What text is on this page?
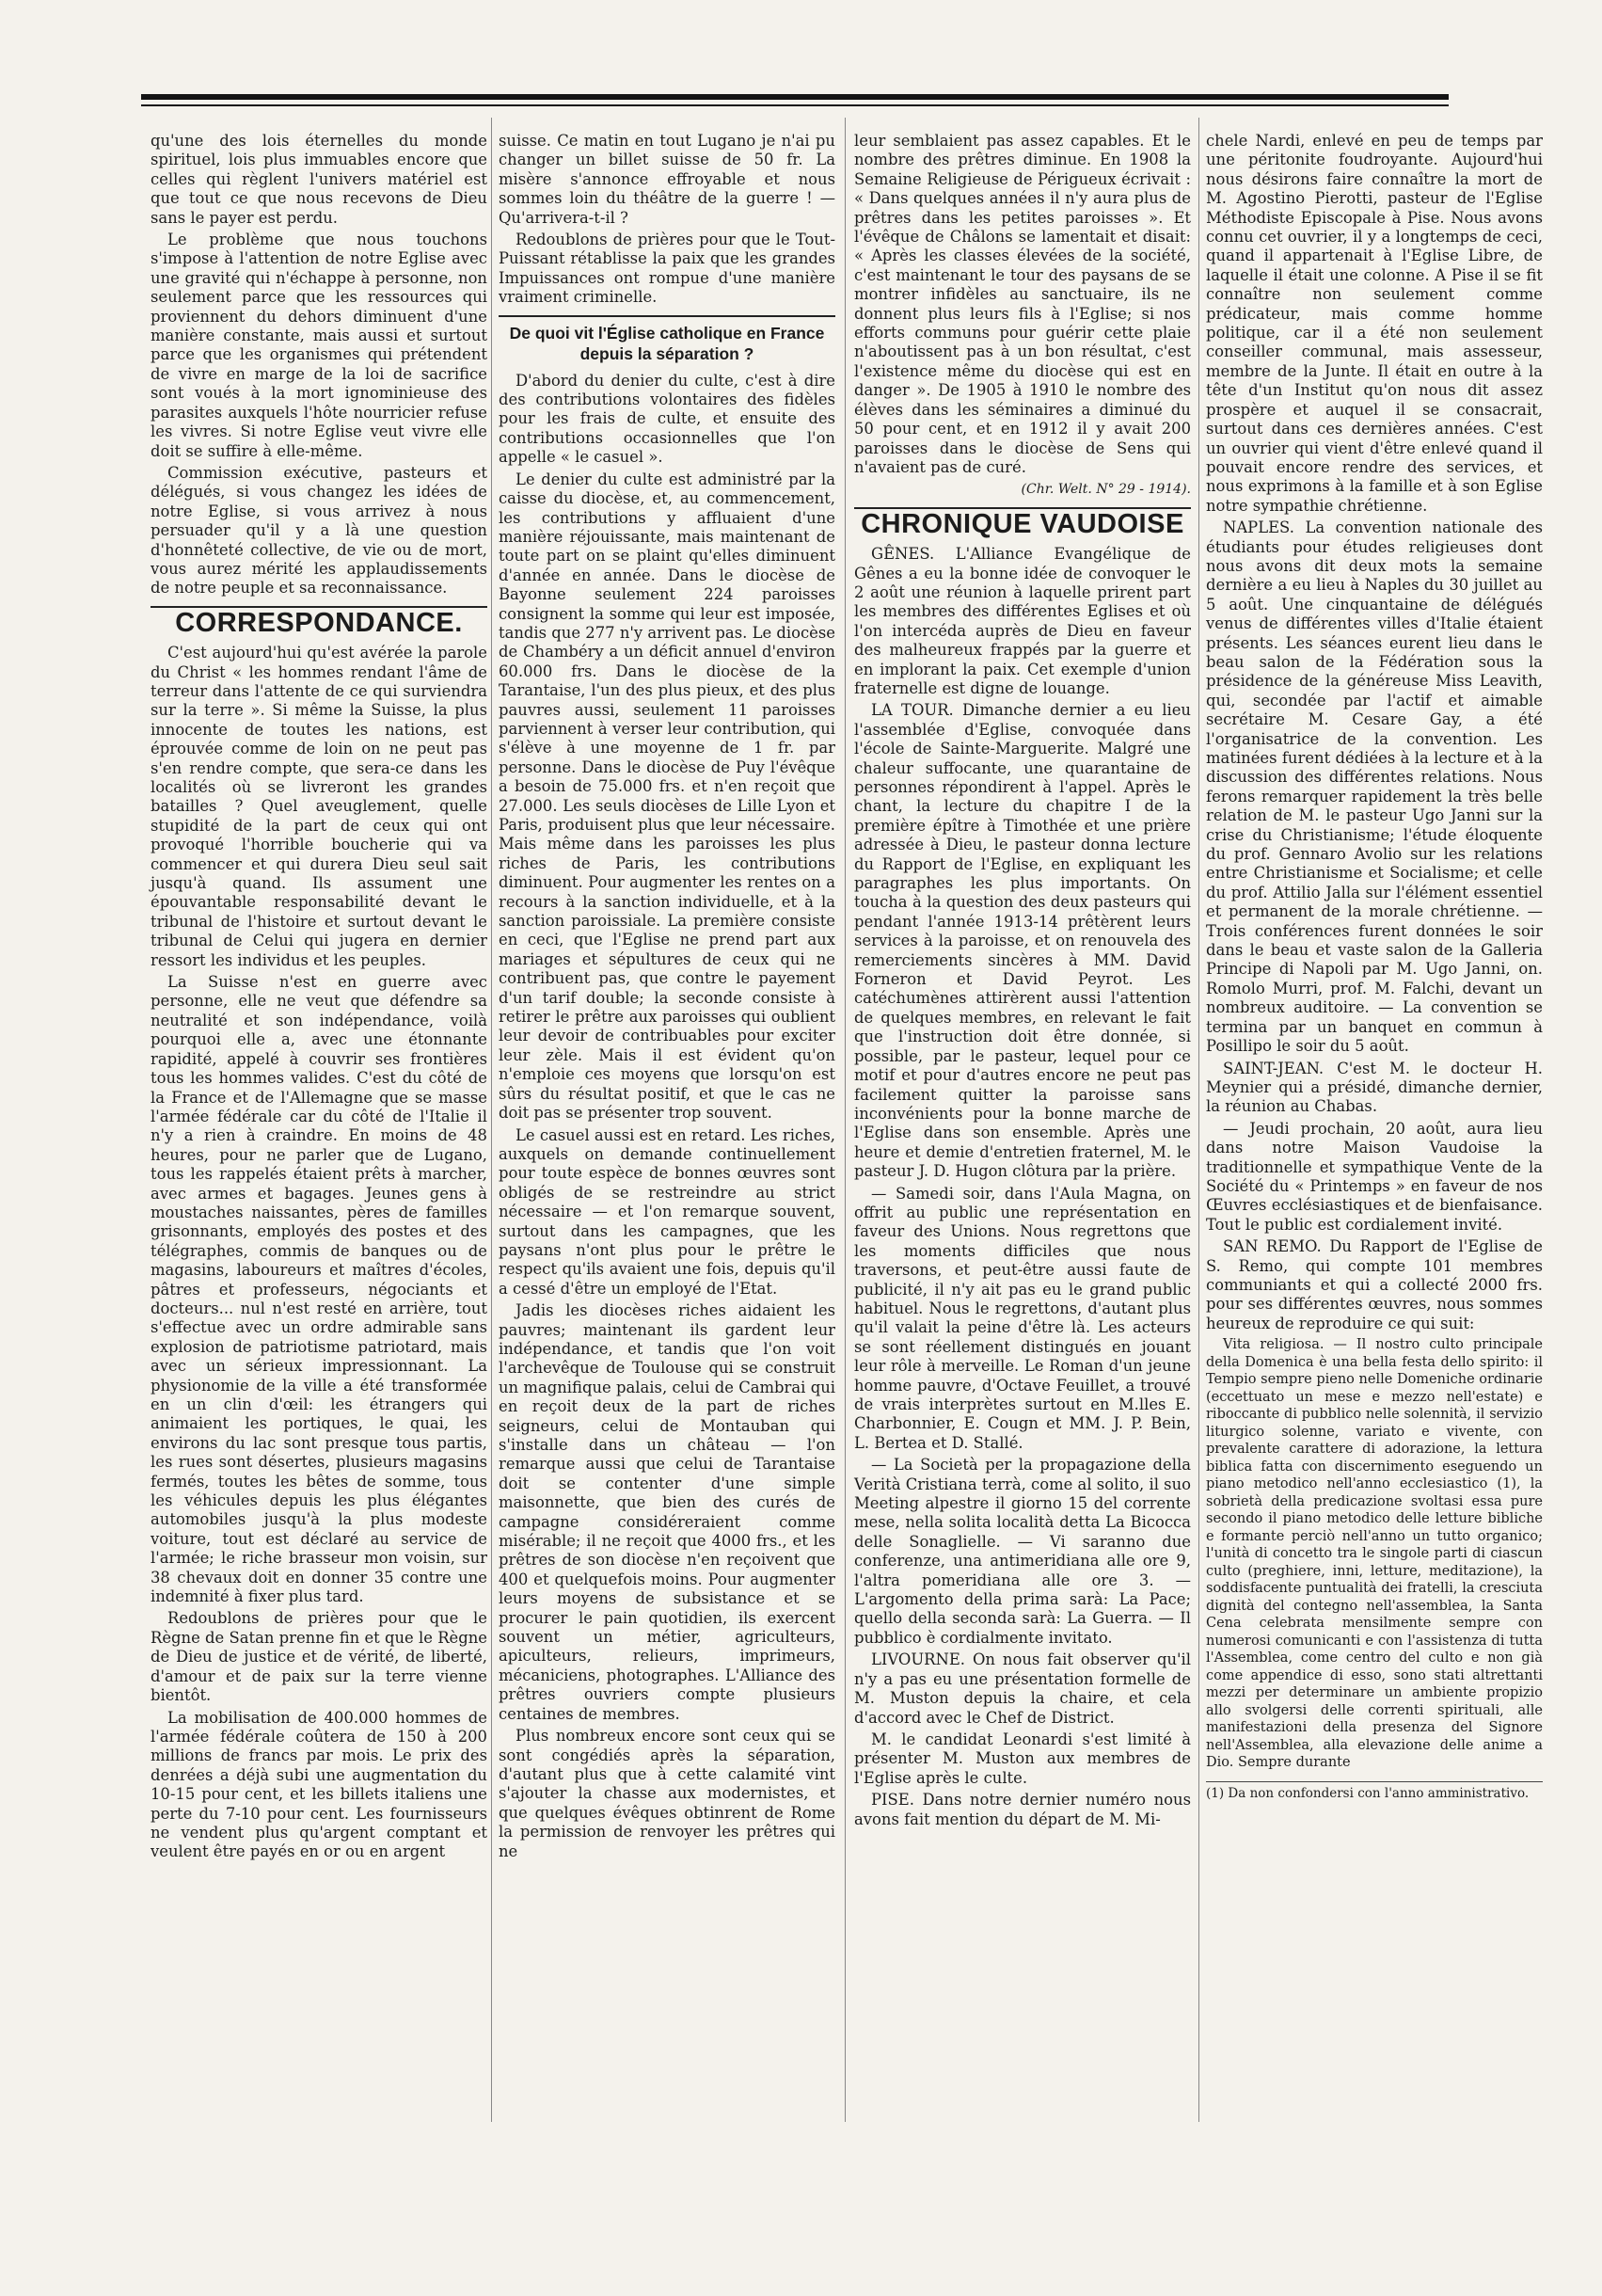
qu'une des lois éternelles du monde spirituel, lois plus immuables encore que celles qui règlent l'univers matériel est que tout ce que nous recevons de Dieu sans le payer est perdu.

Le problème que nous touchons s'impose à l'attention de notre Eglise avec une gravité qui n'échappe à personne, non seulement parce que les ressources qui proviennent du dehors diminuent d'une manière constante, mais aussi et surtout parce que les organismes qui prétendent de vivre en marge de la loi de sacrifice sont voués à la mort ignominieuse des parasites auxquels l'hôte nourricier refuse les vivres. Si notre Eglise veut vivre elle doit se suffire à elle-même.

Commission exécutive, pasteurs et délégués, si vous changez les idées de notre Eglise, si vous arrivez à nous persuader qu'il y a là une question d'honnêteté collective, de vie ou de mort, vous aurez mérité les applaudissements de notre peuple et sa reconnaissance.

CORRESPONDANCE.

C'est aujourd'hui qu'est avérée la parole du Christ « les hommes rendant l'âme de terreur dans l'attente de ce qui surviendra sur la terre ». Si même la Suisse, la plus innocente de toutes les nations, est éprouvée comme de loin on ne peut pas s'en rendre compte, que sera-ce dans les localités où se livreront les grandes batailles ? Quel aveuglement, quelle stupidité de la part de ceux qui ont provoqué l'horrible boucherie qui va commencer et qui durera Dieu seul sait jusqu'à quand. Ils assument une épouvantable responsabilité devant le tribunal de l'histoire et surtout devant le tribunal de Celui qui jugera en dernier ressort les individus et les peuples.

La Suisse n'est en guerre avec personne, elle ne veut que défendre sa neutralité et son indépendance, voilà pourquoi elle a, avec une étonnante rapidité, appelé à couvrir ses frontières tous les hommes valides. C'est du côté de la France et de l'Allemagne que se masse l'armée fédérale car du côté de l'Italie il n'y a rien à craindre. En moins de 48 heures, pour ne parler que de Lugano, tous les rappelés étaient prêts à marcher, avec armes et bagages. Jeunes gens à moustaches naissantes, pères de familles grisonnants, employés des postes et des télégraphes, commis de banques ou de magasins, laboureurs et maîtres d'écoles, pâtres et professeurs, négociants et docteurs... nul n'est resté en arrière, tout s'effectue avec un ordre admirable sans explosion de patriotisme patriotard, mais avec un sérieux impressionnant. La physionomie de la ville a été transformée en un clin d'œil: les étrangers qui animaient les portiques, le quai, les environs du lac sont presque tous partis, les rues sont désertes, plusieurs magasins fermés, toutes les bêtes de somme, tous les véhicules depuis les plus élégantes automobiles jusqu'à la plus modeste voiture, tout est déclaré au service de l'armée; le riche brasseur mon voisin, sur 38 chevaux doit en donner 35 contre une indemnité à fixer plus tard.

Redoublons de prières pour que le Règne de Satan prenne fin et que le Règne de Dieu de justice et de vérité, de liberté, d'amour et de paix sur la terre vienne bientôt.

La mobilisation de 400.000 hommes de l'armée fédérale coûtera de 150 à 200 millions de francs par mois. Le prix des denrées a déjà subi une augmentation du 10-15 pour cent, et les billets italiens une perte du 7-10 pour cent. Les fournisseurs ne vendent plus qu'argent comptant et veulent être payés en or ou en argent

suisse. Ce matin en tout Lugano je n'ai pu changer un billet suisse de 50 fr. La misère s'annonce effroyable et nous sommes loin du théâtre de la guerre ! — Qu'arrivera-t-il ?

Redoublons de prières pour que le Tout-Puissant rétablisse la paix que les grandes Impuissances ont rompue d'une manière vraiment criminelle.

De quoi vit l'Église catholique en France depuis la séparation ?

D'abord du denier du culte, c'est à dire des contributions volontaires des fidèles pour les frais de culte, et ensuite des contributions occasionnelles que l'on appelle « le casuel ».

Le denier du culte est administré par la caisse du diocèse, et, au commencement, les contributions y affluaient d'une manière réjouissante, mais maintenant de toute part on se plaint qu'elles diminuent d'année en année. Dans le diocèse de Bayonne seulement 224 paroisses consignent la somme qui leur est imposée, tandis que 277 n'y arrivent pas. Le diocèse de Chambéry a un déficit annuel d'environ 60.000 frs. Dans le diocèse de la Tarantaise, l'un des plus pieux, et des plus pauvres aussi, seulement 11 paroisses parviennent à verser leur contribution, qui s'élève à une moyenne de 1 fr. par personne. Dans le diocèse de Puy l'évêque a besoin de 75.000 frs. et n'en reçoit que 27.000. Les seuls diocèses de Lille Lyon et Paris, produisent plus que leur nécessaire. Mais même dans les paroisses les plus riches de Paris, les contributions diminuent. Pour augmenter les rentes on a recours à la sanction individuelle, et à la sanction paroissiale. La première consiste en ceci, que l'Eglise ne prend part aux mariages et sépultures de ceux qui ne contribuent pas, que contre le payement d'un tarif double; la seconde consiste à retirer le prêtre aux paroisses qui oublient leur devoir de contribuables pour exciter leur zèle. Mais il est évident qu'on n'emploie ces moyens que lorsqu'on est sûrs du résultat positif, et que le cas ne doit pas se présenter trop souvent.

Le casuel aussi est en retard. Les riches, auxquels on demande continuellement pour toute espèce de bonnes œuvres sont obligés de se restreindre au strict nécessaire — et l'on remarque souvent, surtout dans les campagnes, que les paysans n'ont plus pour le prêtre le respect qu'ils avaient une fois, depuis qu'il a cessé d'être un employé de l'Etat.

Jadis les diocèses riches aidaient les pauvres; maintenant ils gardent leur indépendance, et tandis que l'on voit l'archevêque de Toulouse qui se construit un magnifique palais, celui de Cambrai qui en reçoit deux de la part de riches seigneurs, celui de Montauban qui s'installe dans un château — l'on remarque aussi que celui de Tarantaise doit se contenter d'une simple maisonnette, que bien des curés de campagne considéreraient comme misérable; il ne reçoit que 4000 frs., et les prêtres de son diocèse n'en reçoivent que 400 et quelquefois moins. Pour augmenter leurs moyens de subsistance et se procurer le pain quotidien, ils exercent souvent un métier, agriculteurs, apiculteurs, relieurs, imprimeurs, mécaniciens, photographes. L'Alliance des prêtres ouvriers compte plusieurs centaines de membres.

Plus nombreux encore sont ceux qui se sont congédiés après la séparation, d'autant plus que à cette calamité vint s'ajouter la chasse aux modernistes, et que quelques évêques obtinrent de Rome la permission de renvoyer les prêtres qui ne

leur semblaient pas assez capables. Et le nombre des prêtres diminue. En 1908 la Semaine Religieuse de Périgueux écrivait : « Dans quelques années il n'y aura plus de prêtres dans les petites paroisses ». Et l'évêque de Châlons se lamentait et disait: « Après les classes élevées de la société, c'est maintenant le tour des paysans de se montrer infidèles au sanctuaire, ils ne donnent plus leurs fils à l'Eglise; si nos efforts communs pour guérir cette plaie n'aboutissent pas à un bon résultat, c'est l'existence même du diocèse qui est en danger ». De 1905 à 1910 le nombre des élèves dans les séminaires a diminué du 50 pour cent, et en 1912 il y avait 200 paroisses dans le diocèse de Sens qui n'avaient pas de curé.

(Chr. Welt. N° 29 - 1914).
CHRONIQUE VAUDOISE

GÊNES. L'Alliance Evangélique de Gênes a eu la bonne idée de convoquer le 2 août une réunion à laquelle prirent part les membres des différentes Eglises et où l'on intercéda auprès de Dieu en faveur des malheureux frappés par la guerre et en implorant la paix. Cet exemple d'union fraternelle est digne de louange.

LA TOUR. Dimanche dernier a eu lieu l'assemblée d'Eglise, convoquée dans l'école de Sainte-Marguerite. Malgré une chaleur suffocante, une quarantaine de personnes répondirent à l'appel. Après le chant, la lecture du chapitre I de la première épître à Timothée et une prière adressée à Dieu, le pasteur donna lecture du Rapport de l'Eglise, en expliquant les paragraphes les plus importants. On toucha à la question des deux pasteurs qui pendant l'année 1913-14 prêtèrent leurs services à la paroisse, et on renouvela des remerciements sincères à MM. David Forneron et David Peyrot. Les catéchumènes attirèrent aussi l'attention de quelques membres, en relevant le fait que l'instruction doit être donnée, si possible, par le pasteur, lequel pour ce motif et pour d'autres encore ne peut pas facilement quitter la paroisse sans inconvénients pour la bonne marche de l'Eglise dans son ensemble. Après une heure et demie d'entretien fraternel, M. le pasteur J. D. Hugon clôtura par la prière.

— Samedi soir, dans l'Aula Magna, on offrit au public une représentation en faveur des Unions. Nous regrettons que les moments difficiles que nous traversons, et peut-être aussi faute de publicité, il n'y ait pas eu le grand public habituel. Nous le regrettons, d'autant plus qu'il valait la peine d'être là. Les acteurs se sont réellement distingués en jouant leur rôle à merveille. Le Roman d'un jeune homme pauvre, d'Octave Feuillet, a trouvé de vrais interprètes surtout en M.lles E. Charbonnier, E. Cougn et MM. J. P. Bein, L. Bertea et D. Stallé.

— La Società per la propagazione della Verità Cristiana terrà, come al solito, il suo Meeting alpestre il giorno 15 del corrente mese, nella solita località detta La Bicocca delle Sonaglielle. — Vi saranno due conferenze, una antimeridiana alle ore 9, l'altra pomeridiana alle ore 3. — L'argomento della prima sarà: La Pace; quello della seconda sarà: La Guerra. — Il pubblico è cordialmente invitato.

LIVOURNE. On nous fait observer qu'il n'y a pas eu une présentation formelle de M. Muston depuis la chaire, et cela d'accord avec le Chef de District.

M. le candidat Leonardi s'est limité à présenter M. Muston aux membres de l'Eglise après le culte.

PISE. Dans notre dernier numéro nous avons fait mention du départ de M. Mi-

chele Nardi, enlevé en peu de temps par une péritonite foudroyante. Aujourd'hui nous désirons faire connaître la mort de M. Agostino Pierotti, pasteur de l'Eglise Méthodiste Episcopale à Pise. Nous avons connu cet ouvrier, il y a longtemps de ceci, quand il appartenait à l'Eglise Libre, de laquelle il était une colonne. A Pise il se fit connaître non seulement comme prédicateur, mais comme homme politique, car il a été non seulement conseiller communal, mais assesseur, membre de la Junte. Il était en outre à la tête d'un Institut qu'on nous dit assez prospère et auquel il se consacrait, surtout dans ces dernières années. C'est un ouvrier qui vient d'être enlevé quand il pouvait encore rendre des services, et nous exprimons à la famille et à son Eglise notre sympathie chrétienne.

NAPLES. La convention nationale des étudiants pour études religieuses dont nous avons dit deux mots la semaine dernière a eu lieu à Naples du 30 juillet au 5 août. Une cinquantaine de délégués venus de différentes villes d'Italie étaient présents. Les séances eurent lieu dans le beau salon de la Fédération sous la présidence de la généreuse Miss Leavith, qui, secondée par l'actif et aimable secrétaire M. Cesare Gay, a été l'organisatrice de la convention. Les matinées furent dédiées à la lecture et à la discussion des différentes relations. Nous ferons remarquer rapidement la très belle relation de M. le pasteur Ugo Janni sur la crise du Christianisme; l'étude éloquente du prof. Gennaro Avolio sur les relations entre Christianisme et Socialisme; et celle du prof. Attilio Jalla sur l'élément essentiel et permanent de la morale chrétienne. — Trois conférences furent données le soir dans le beau et vaste salon de la Galleria Principe di Napoli par M. Ugo Janni, on. Romolo Murri, prof. M. Falchi, devant un nombreux auditoire. — La convention se termina par un banquet en commun à Posillipo le soir du 5 août.

SAINT-JEAN. C'est M. le docteur H. Meynier qui a présidé, dimanche dernier, la réunion au Chabas.

— Jeudi prochain, 20 août, aura lieu dans notre Maison Vaudoise la traditionnelle et sympathique Vente de la Société du « Printemps » en faveur de nos Œuvres ecclésiastiques et de bienfaisance. Tout le public est cordialement invité.

SAN REMO. Du Rapport de l'Eglise de S. Remo, qui compte 101 membres communiants et qui a collecté 2000 frs. pour ses différentes œuvres, nous sommes heureux de reproduire ce qui suit:

Vita religiosa. — Il nostro culto principale della Domenica è una bella festa dello spirito: il Tempio sempre pieno nelle Domeniche ordinarie (eccettuato un mese e mezzo nell'estate) e riboccante di pubblico nelle solennità, il servizio liturgico solenne, variato e vivente, con prevalente carattere di adorazione, la lettura biblica fatta con discernimento eseguendo un piano metodico nell'anno ecclesiastico (1), la sobrietà della predicazione svoltasi essa pure secondo il piano metodico delle letture bibliche e formante perciò nell'anno un tutto organico; l'unità di concetto tra le singole parti di ciascun culto (preghiere, inni, letture, meditazione), la soddisfacente puntualità dei fratelli, la cresciuta dignità del contegno nell'assemblea, la Santa Cena celebrata mensilmente sempre con numerosi comunicanti e con l'assistenza di tutta l'Assemblea, come centro del culto e non già come appendice di esso, sono stati altrettanti mezzi per determinare un ambiente propizio allo svolgersi delle correnti spirituali, alle manifestazioni della presenza del Signore nell'Assemblea, alla elevazione delle anime a Dio. Sempre durante

(1) Da non confondersi con l'anno amministrativo.
